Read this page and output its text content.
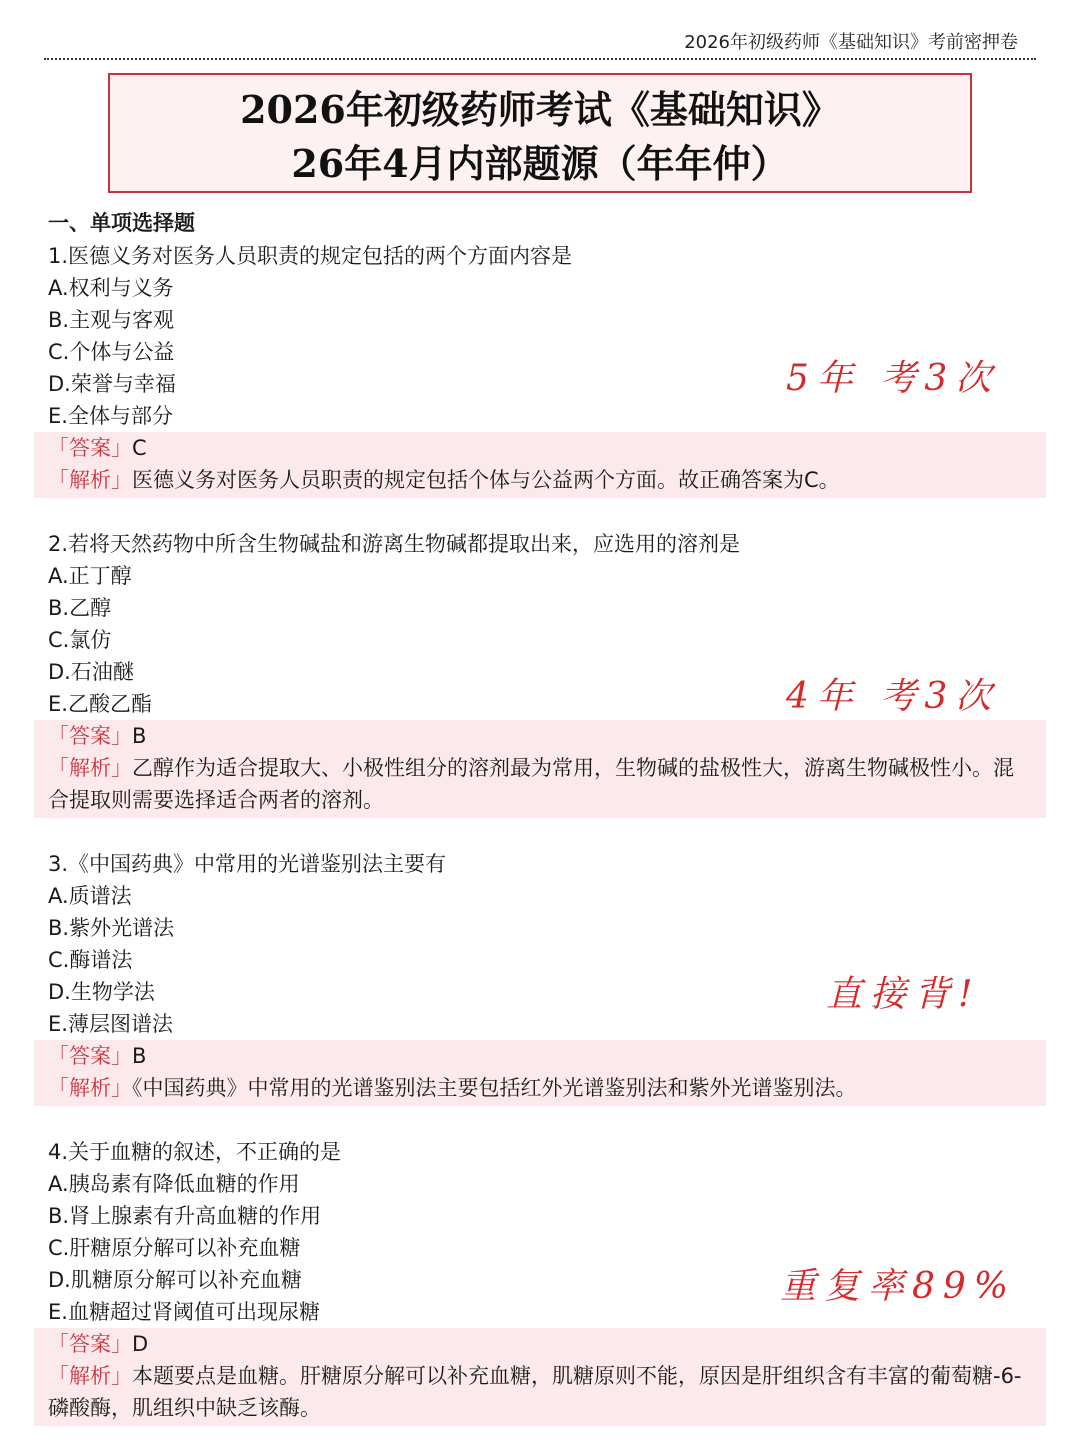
2026年初级药师《基础知识》考前密押卷
2026年初级药师考试《基础知识》
26年4月内部题源（年年仲）
一、单项选择题
1.医德义务对医务人员职责的规定包括的两个方面内容是
A.权利与义务
B.主观与客观
C.个体与公益
D.荣誉与幸福
E.全体与部分
「答案」C
「解析」医德义务对医务人员职责的规定包括个体与公益两个方面。故正确答案为C。
5年 考3次
2.若将天然药物中所含生物碱盐和游离生物碱都提取出来，应选用的溶剂是
A.正丁醇
B.乙醇
C.氯仿
D.石油醚
E.乙酸乙酯
「答案」B
「解析」乙醇作为适合提取大、小极性组分的溶剂最为常用，生物碱的盐极性大，游离生物碱极性小。混合提取则需要选择适合两者的溶剂。
4年 考3次
3.《中国药典》中常用的光谱鉴别法主要有
A.质谱法
B.紫外光谱法
C.酶谱法
D.生物学法
E.薄层图谱法
「答案」B
「解析」《中国药典》中常用的光谱鉴别法主要包括红外光谱鉴别法和紫外光谱鉴别法。
直接背!
4.关于血糖的叙述，不正确的是
A.胰岛素有降低血糖的作用
B.肾上腺素有升高血糖的作用
C.肝糖原分解可以补充血糖
D.肌糖原分解可以补充血糖
E.血糖超过肾阈值可出现尿糖
「答案」D
「解析」本题要点是血糖。肝糖原分解可以补充血糖，肌糖原则不能，原因是肝组织含有丰富的葡萄糖-6-磷酸酶，肌组织中缺乏该酶。
重复率89%
